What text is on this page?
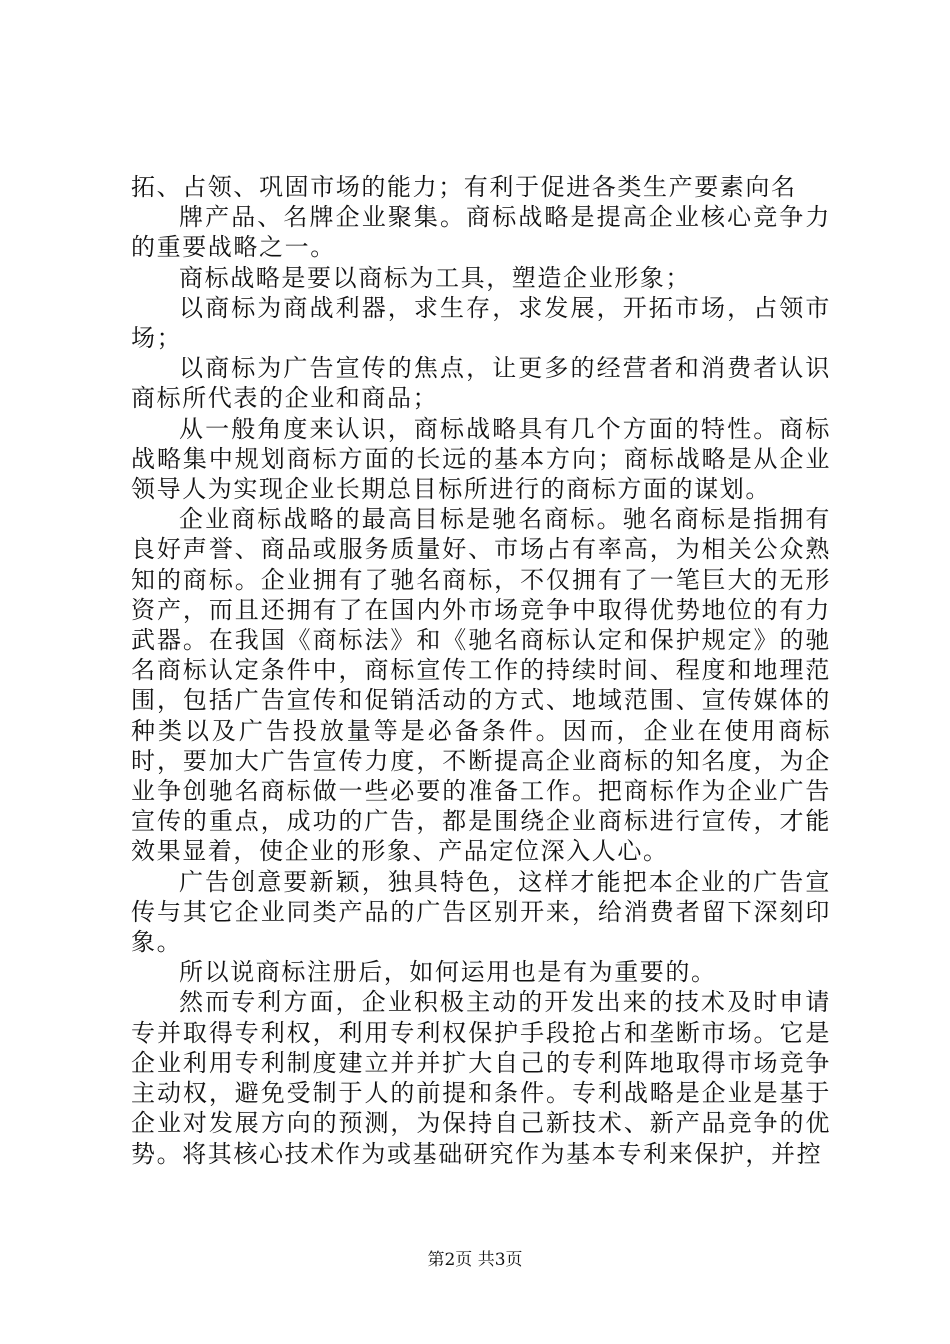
拓、占领、巩固市场的能力；有利于促进各类生产要素向名

牌产品、名牌企业聚集。商标战略是提高企业核心竞争力的重要战略之一。

商标战略是要以商标为工具，塑造企业形象；

以商标为商战利器，求生存，求发展，开拓市场，占领市场；

以商标为广告宣传的焦点，让更多的经营者和消费者认识商标所代表的企业和商品；

从一般角度来认识，商标战略具有几个方面的特性。商标战略集中规划商标方面的长远的基本方向；商标战略是从企业领导人为实现企业长期总目标所进行的商标方面的谋划。

企业商标战略的最高目标是驰名商标。驰名商标是指拥有良好声誉、商品或服务质量好、市场占有率高，为相关公众熟知的商标。企业拥有了驰名商标，不仅拥有了一笔巨大的无形资产，而且还拥有了在国内外市场竞争中取得优势地位的有力武器。在我国《商标法》和《驰名商标认定和保护规定》的驰名商标认定条件中，商标宣传工作的持续时间、程度和地理范围，包括广告宣传和促销活动的方式、地域范围、宣传媒体的种类以及广告投放量等是必备条件。因而，企业在使用商标时，要加大广告宣传力度，不断提高企业商标的知名度，为企业争创驰名商标做一些必要的准备工作。把商标作为企业广告宣传的重点，成功的广告，都是围绕企业商标进行宣传，才能效果显着，使企业的形象、产品定位深入人心。

广告创意要新颖，独具特色，这样才能把本企业的广告宣传与其它企业同类产品的广告区别开来，给消费者留下深刻印象。

所以说商标注册后，如何运用也是有为重要的。

然而专利方面，企业积极主动的开发出来的技术及时申请专并取得专利权，利用专利权保护手段抢占和垄断市场。它是企业利用专利制度建立并并扩大自己的专利阵地取得市场竞争主动权，避免受制于人的前提和条件。专利战略是企业是基于企业对发展方向的预测，为保持自己新技术、新产品竞争的优势。将其核心技术作为或基础研究作为基本专利来保护，并控

第2页 共3页
